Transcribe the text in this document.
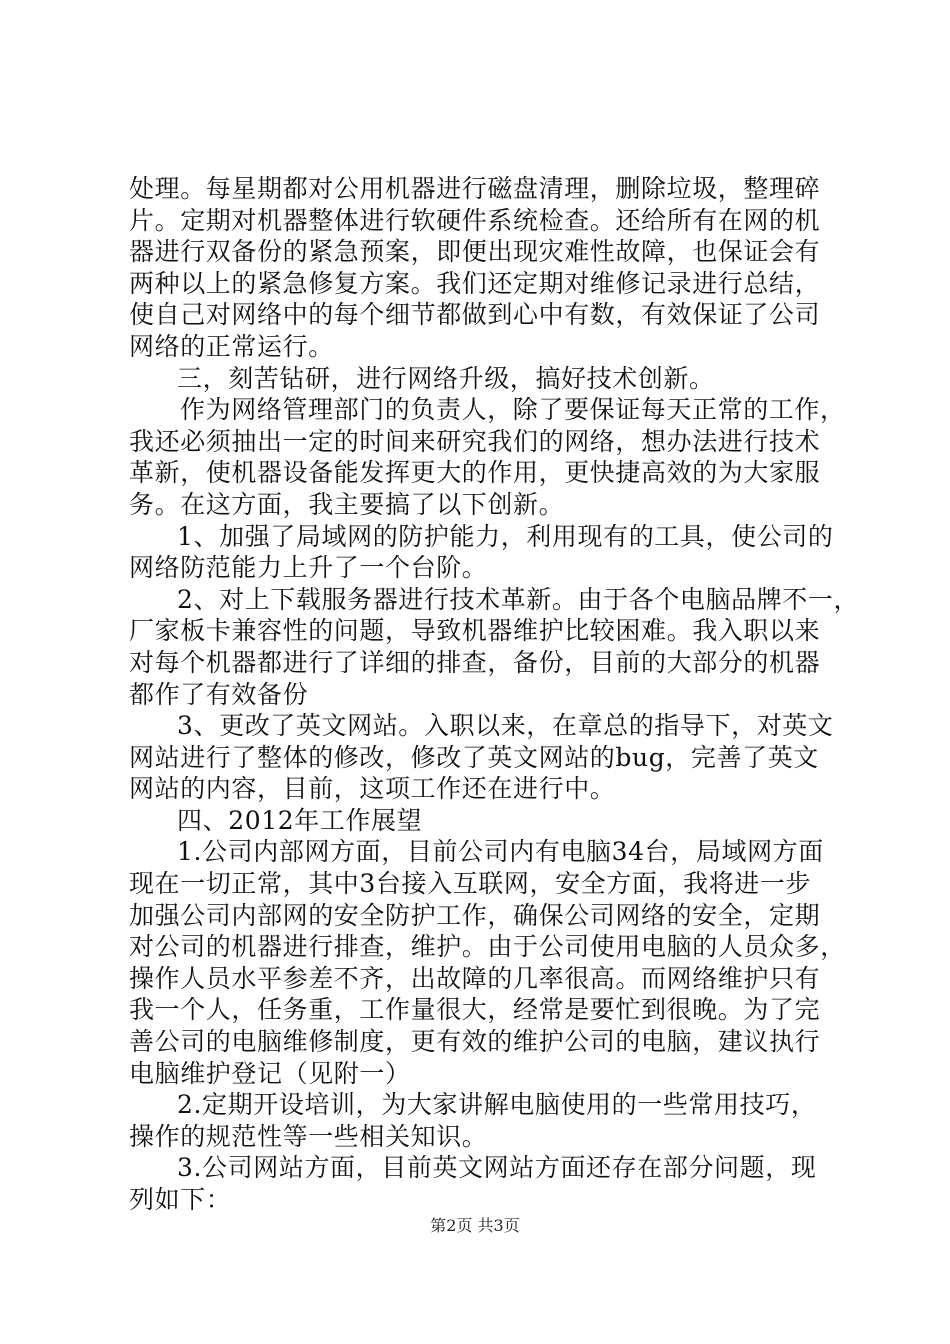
处理。每星期都对公用机器进行磁盘清理，删除垃圾，整理碎
片。定期对机器整体进行软硬件系统检查。还给所有在网的机
器进行双备份的紧急预案，即便出现灾难性故障，也保证会有
两种以上的紧急修复方案。我们还定期对维修记录进行总结，
使自己对网络中的每个细节都做到心中有数，有效保证了公司
网络的正常运行。
三，刻苦钻研，进行网络升级，搞好技术创新。
作为网络管理部门的负责人，除了要保证每天正常的工作，
我还必须抽出一定的时间来研究我们的网络，想办法进行技术
革新，使机器设备能发挥更大的作用，更快捷高效的为大家服
务。在这方面，我主要搞了以下创新。
1、加强了局域网的防护能力，利用现有的工具，使公司的
网络防范能力上升了一个台阶。
2、对上下载服务器进行技术革新。由于各个电脑品牌不一，
厂家板卡兼容性的问题，导致机器维护比较困难。我入职以来
对每个机器都进行了详细的排查，备份，目前的大部分的机器
都作了有效备份
3、更改了英文网站。入职以来，在章总的指导下，对英文
网站进行了整体的修改，修改了英文网站的bug，完善了英文
网站的内容，目前，这项工作还在进行中。
四、2012年工作展望
1.公司内部网方面，目前公司内有电脑34台，局域网方面
现在一切正常，其中3台接入互联网，安全方面，我将进一步
加强公司内部网的安全防护工作，确保公司网络的安全，定期
对公司的机器进行排查，维护。由于公司使用电脑的人员众多，
操作人员水平参差不齐，出故障的几率很高。而网络维护只有
我一个人，任务重，工作量很大，经常是要忙到很晚。为了完
善公司的电脑维修制度，更有效的维护公司的电脑，建议执行
电脑维护登记（见附一）
2.定期开设培训，为大家讲解电脑使用的一些常用技巧，
操作的规范性等一些相关知识。
3.公司网站方面，目前英文网站方面还存在部分问题，现
列如下：
第2页 共3页
